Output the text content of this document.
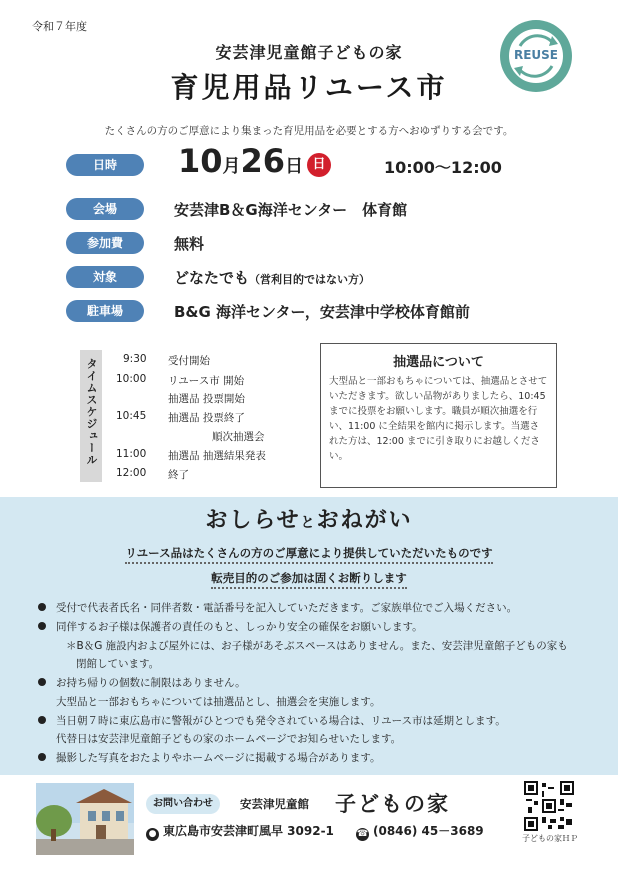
令和７年度
安芸津児童館子どもの家
育児用品リユース市
REUSE
たくさんの方のご厚意により集まった育児用品を必要とする方へおゆずりする会です。
日時	10月26日 日	10:00〜12:00
会場	安芸津B＆G海洋センター　体育館
参加費	無料
対象	どなたでも（営利目的ではない方）
駐車場	B&G 海洋センター，安芸津中学校体育館前
タイムスケジュール 9:30	受付開始
10:00	リユース市 開始
抽選品 投票開始
10:45	抽選品 投票終了
順次抽選会
11:00	抽選品 抽選結果発表
12:00	終了
抽選品について

大型品と一部おもちゃについては、抽選品とさせていただきます。欲しい品物がありましたら、10:45 までに投票をお願いします。職員が順次抽選を行い、11:00 に全結果を館内に掲示します。当選された方は、12:00 までに引き取りにお越しください。

おしらせとおねがい
リユース品はたくさんの方のご厚意により提供していただいたものです
転売目的のご参加は固くお断りします
受付で代表者氏名・同伴者数・電話番号を記入していただきます。ご家族単位でご入場ください。
同伴するお子様は保護者の責任のもと、しっかり安全の確保をお願いします。
＊B＆G 施設内および屋外には、お子様があそぶスペースはありません。また、安芸津児童館子どもの家も
閉館しています。
お持ち帰りの個数に制限はありません。
大型品と一部おもちゃについては抽選品とし、抽選会を実施します。
当日朝７時に東広島市に警報がひとつでも発令されている場合は、リユース市は延期とします。
代替日は安芸津児童館子どもの家のホームページでお知らせいたします。
撮影した写真をおたよりやホームページに掲載する場合があります。
お問い合わせ	安芸津児童館 子どもの家
● 東広島市安芸津町風早 3092-1	☎ (0846) 45－3689
子どもの家ＨＰ
